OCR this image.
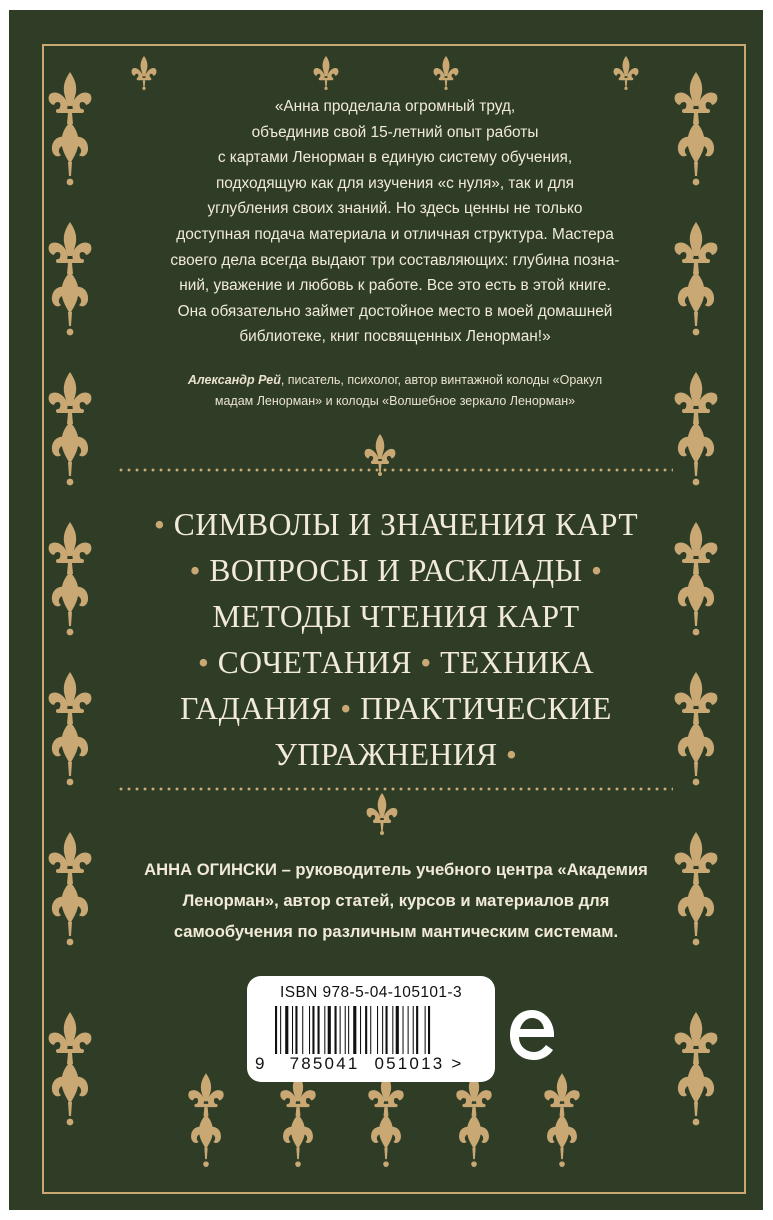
«Анна проделала огромный труд,

объединив свой 15-летний опыт работы

с картами Ленорман в единую систему обучения,

подходящую как для изучения «с нуля», так и для

углубления своих знаний. Но здесь ценны не только

доступная подача материала и отличная структура. Мастера

своего дела всегда выдают три составляющих: глубина позна-

ний, уважение и любовь к работе. Все это есть в этой книге.

Она обязательно займет достойное место в моей домашней

библиотеке, книг посвященных Ленорман!»

Александр Рей, писатель, психолог, автор винтажной колоды «Оракул
мадам Ленорман» и колоды «Волшебное зеркало Ленорман»
• СИМВОЛЫ И ЗНАЧЕНИЯ КАРТ
• ВОПРОСЫ И РАСКЛАДЫ •
МЕТОДЫ ЧТЕНИЯ КАРТ
• СОЧЕТАНИЯ • ТЕХНИКА
ГАДАНИЯ • ПРАКТИЧЕСКИЕ
УПРАЖНЕНИЯ •
АННА ОГИНСКИ – руководитель учебного центра «Академия
Ленорман», автор статей, курсов и материалов для
самообучения по различным мантическим системам.
ISBN 978-5-04-105101-3
9 785041 051013 >
